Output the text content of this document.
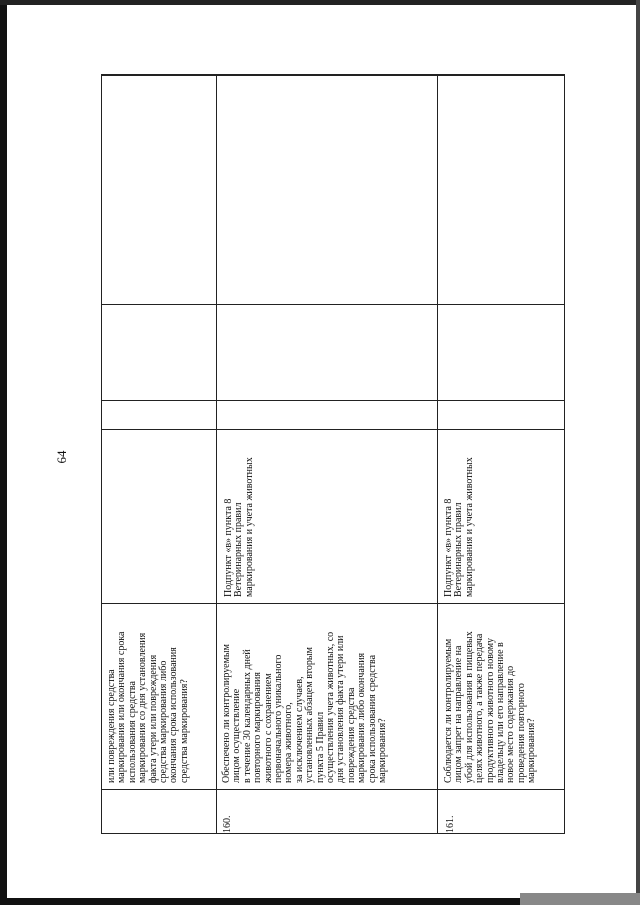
64
или повреждения средства
маркирования или окончания срока
использования средства
маркирования со дня установления
факта утери или повреждения
средства маркирования либо
окончания срока использования
средства маркирования?
160.
Обеспечено ли контролируемым
лицом осуществление
в течение 30 календарных дней
повторного маркирования
животного с сохранением
первоначального уникального
номера животного,
за исключением случаев,
установленных абзацем вторым
пункта 5 Правил
осуществления учета животных, со
дня установления факта утери или
повреждения средства
маркирования либо окончания
срока использования средства
маркирования?
Подпункт «в» пункта 8
Ветеринарных правил
маркирования и учета животных
161.
Соблюдается ли контролируемым
лицом запрет на направление на
убой для использования в пищевых
целях животного, а также передача
продуктивного животного новому
владельцу или его направление в
новое место содержания до
проведения повторного
маркирования?
Подпункт «в» пункта 8
Ветеринарных правил
маркирования и учета животных
